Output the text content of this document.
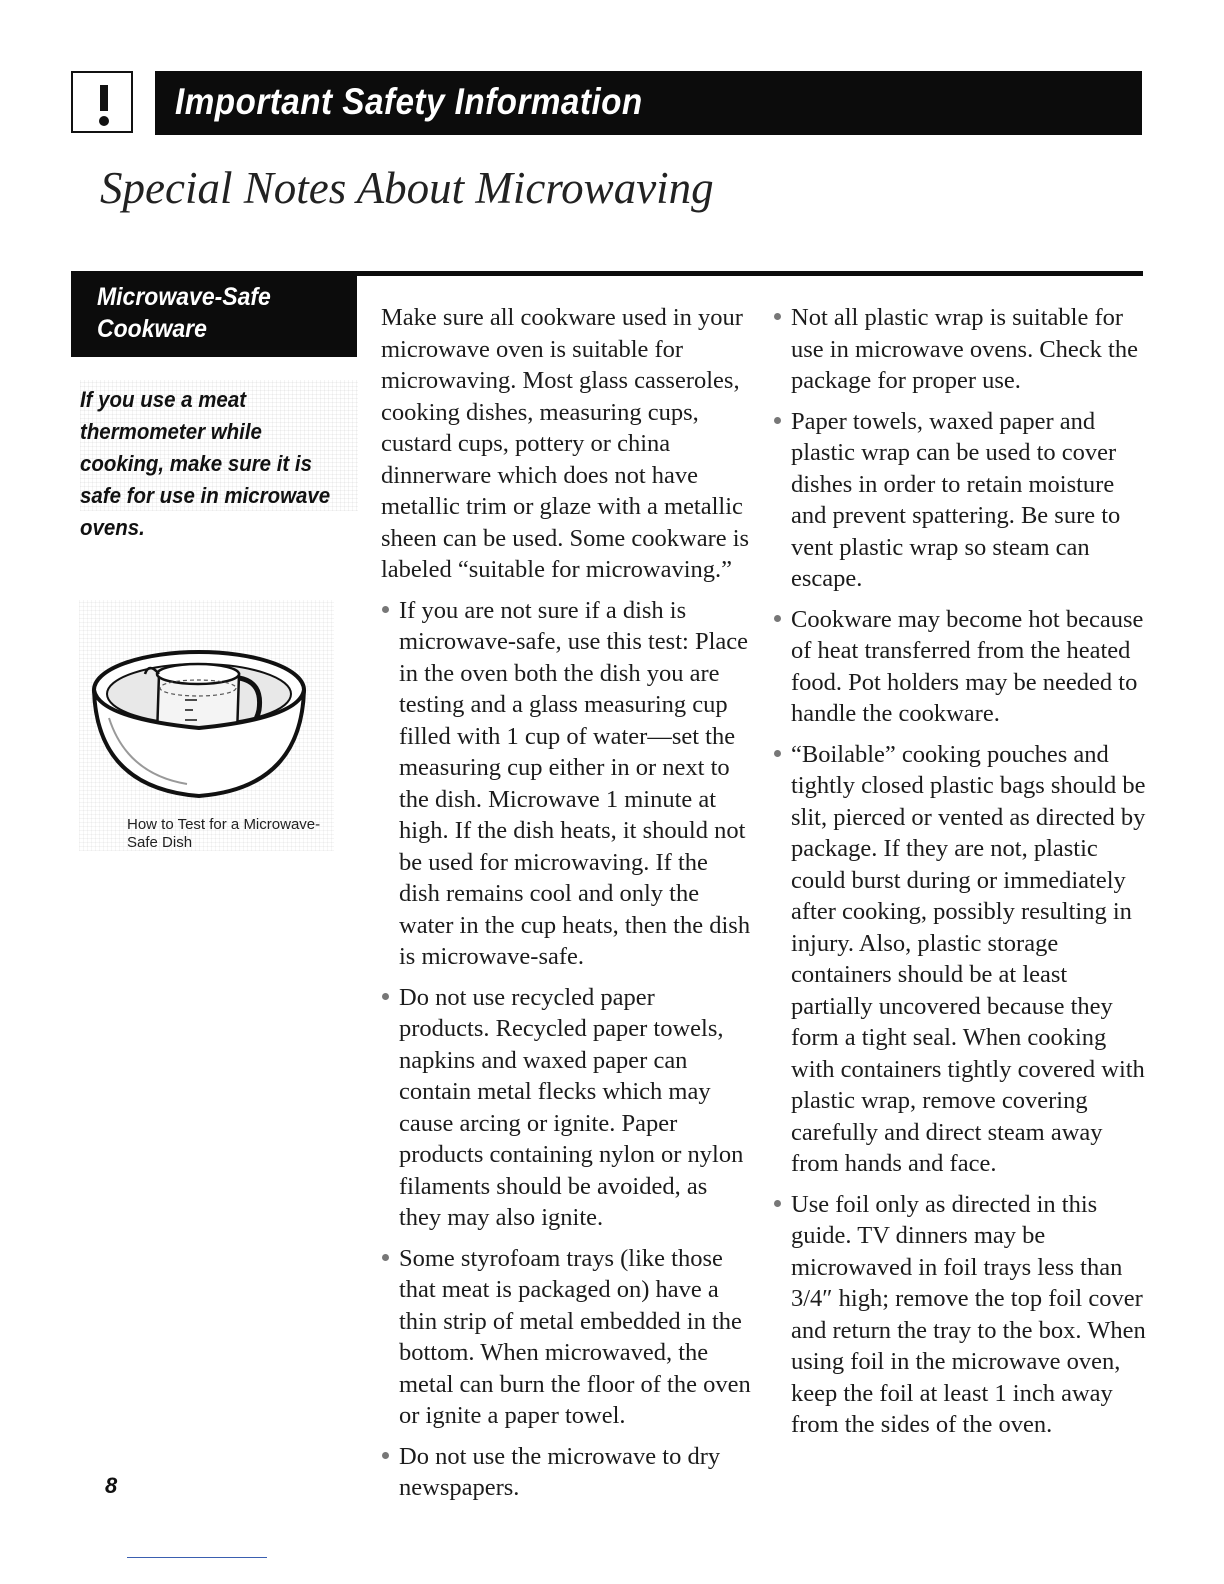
Important Safety Information
Special Notes About Microwaving
Microwave-Safe Cookware
If you use a meat thermometer while cooking, make sure it is safe for use in microwave ovens.
How to Test for a Microwave-Safe Dish

Make sure all cookware used in your microwave oven is suitable for microwaving. Most glass casseroles, cooking dishes, measuring cups, custard cups, pottery or china dinnerware which does not have metallic trim or glaze with a metallic sheen can be used. Some cookware is labeled “suitable for microwaving.”

If you are not sure if a dish is microwave-safe, use this test: Place in the oven both the dish you are testing and a glass measuring cup filled with 1 cup of water—set the measuring cup either in or next to the dish. Microwave 1 minute at high. If the dish heats, it should not be used for microwaving. If the dish remains cool and only the water in the cup heats, then the dish is microwave-safe.

Do not use recycled paper products. Recycled paper towels, napkins and waxed paper can contain metal flecks which may cause arcing or ignite. Paper products containing nylon or nylon filaments should be avoided, as they may also ignite.

Some styrofoam trays (like those that meat is packaged on) have a thin strip of metal embedded in the bottom. When microwaved, the metal can burn the floor of the oven or ignite a paper towel.

Do not use the microwave to dry newspapers.

Not all plastic wrap is suitable for use in microwave ovens. Check the package for proper use.

Paper towels, waxed paper and plastic wrap can be used to cover dishes in order to retain moisture and prevent spattering. Be sure to vent plastic wrap so steam can escape.

Cookware may become hot because of heat transferred from the heated food. Pot holders may be needed to handle the cookware.

“Boilable” cooking pouches and tightly closed plastic bags should be slit, pierced or vented as directed by package. If they are not, plastic could burst during or immediately after cooking, possibly resulting in injury. Also, plastic storage containers should be at least partially uncovered because they form a tight seal. When cooking with containers tightly covered with plastic wrap, remove covering carefully and direct steam away from hands and face.

Use foil only as directed in this guide. TV dinners may be microwaved in foil trays less than 3/4″ high; remove the top foil cover and return the tray to the box. When using foil in the microwave oven, keep the foil at least 1 inch away from the sides of the oven.

8
